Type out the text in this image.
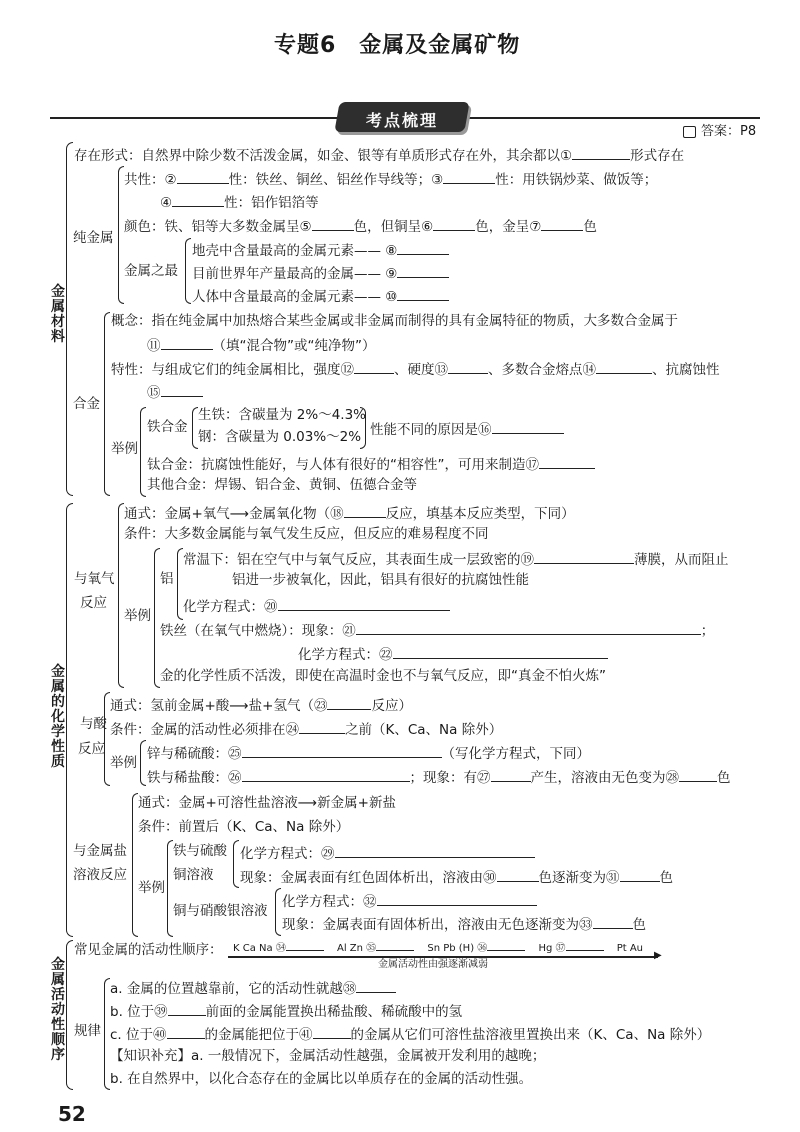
专题6　金属及金属矿物
考点梳理
答案：P8
金属材料
存在形式：自然界中除少数不活泼金属，如金、银等有单质形式存在外，其余都以①	形式存在
纯金属
共性：②	性：铁丝、铜丝、铝丝作导线等；③	性：用铁锅炒菜、做饭等；
④	性：铝作铝箔等
颜色：铁、铝等大多数金属呈⑤	色，但铜呈⑥	色，金呈⑦	色
金属之最
地壳中含量最高的金属元素—— ⑧
目前世界年产量最高的金属—— ⑨
人体中含量最高的金属元素—— ⑩
合金
概念：指在纯金属中加热熔合某些金属或非金属而制得的具有金属特征的物质，大多数合金属于
⑪	（填“混合物”或“纯净物”）
特性：与组成它们的纯金属相比，强度⑫	、硬度⑬	、多数合金熔点⑭	、抗腐蚀性
⑮
举例
铁合金
生铁：含碳量为 2%～4.3%
钢：含碳量为 0.03%～2% 性能不同的原因是⑯
钛合金：抗腐蚀性能好，与人体有很好的“相容性”，可用来制造⑰
其他合金：焊锡、铝合金、黄铜、伍德合金等
金属的化学性质
与氧气
反应
通式：金属+氧气⟶金属氧化物（⑱	反应，填基本反应类型，下同）
条件：大多数金属能与氧气发生反应，但反应的难易程度不同
举例
铝
常温下：铝在空气中与氧气反应，其表面生成一层致密的⑲	薄膜，从而阻止
铝进一步被氧化，因此，铝具有很好的抗腐蚀性能
化学方程式：⑳
铁丝（在氧气中燃烧）：现象：㉑	；
化学方程式：㉒
金的化学性质不活泼，即使在高温时金也不与氧气反应，即“真金不怕火炼”
与酸
反应
通式：氢前金属+酸⟶盐+氢气（㉓	反应）
条件：金属的活动性必须排在㉔	之前（K、Ca、Na 除外）
举例
锌与稀硫酸：㉕	（写化学方程式，下同）
铁与稀盐酸：㉖	；现象：有㉗	产生，溶液由无色变为㉘	色
与金属盐
溶液反应
通式：金属+可溶性盐溶液⟶新金属+新盐
条件：前置后（K、Ca、Na 除外）
举例
铁与硫酸
铜溶液
化学方程式：㉙
现象：金属表面有红色固体析出，溶液由㉚	色逐渐变为㉛	色
铜与硝酸银溶液
化学方程式：㉜
现象：金属表面有固体析出，溶液由无色逐渐变为㉝	色
金属活动性顺序
常见金属的活动性顺序： K Ca Na ㉞	Al Zn ㉟	Sn Pb (H) ㊱	Hg ㊲	Pt Au
▶
金属活动性由强逐渐减弱
规律
a. 金属的位置越靠前，它的活动性就越㊳
b. 位于㊴	前面的金属能置换出稀盐酸、稀硫酸中的氢
c. 位于㊵	的金属能把位于㊶	的金属从它们可溶性盐溶液里置换出来（K、Ca、Na 除外）
【知识补充】a. 一般情况下，金属活动性越强，金属被开发利用的越晚；
b. 在自然界中，以化合态存在的金属比以单质存在的金属的活动性强。
52
